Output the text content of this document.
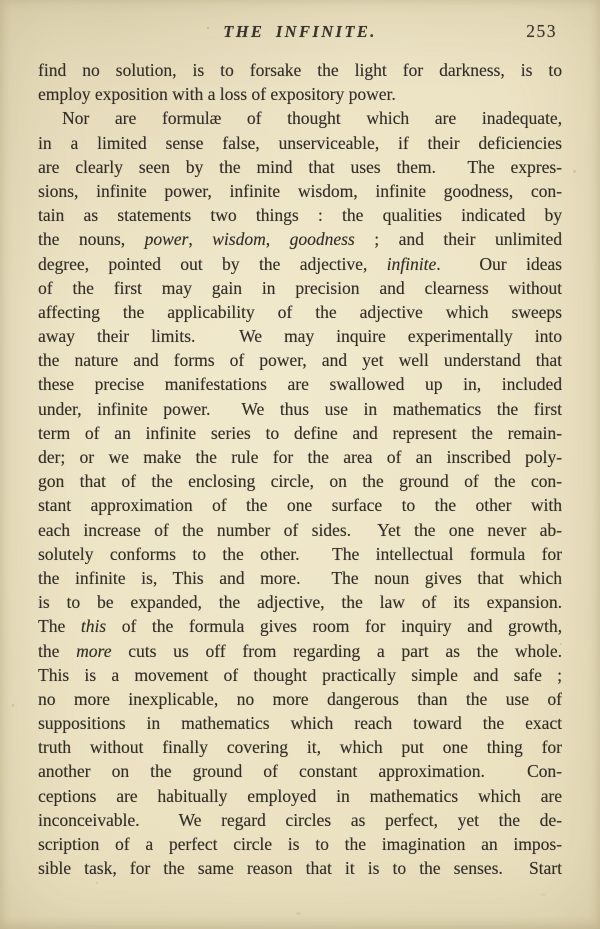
THE INFINITE.	253
find no solution, is to forsake the light for darkness, is to
employ exposition with a loss of expository power.
Nor are formulæ of thought which are inadequate,
in a limited sense false, unserviceable, if their deficiencies
are clearly seen by the mind that uses them.  The expres-
sions, infinite power, infinite wisdom, infinite goodness, con-
tain as statements two things : the qualities indicated by
the nouns, power, wisdom, goodness ; and their unlimited
degree, pointed out by the adjective, infinite.  Our ideas
of the first may gain in precision and clearness without
affecting the applicability of the adjective which sweeps
away their limits.  We may inquire experimentally into
the nature and forms of power, and yet well understand that
these precise manifestations are swallowed up in, included
under, infinite power.  We thus use in mathematics the first
term of an infinite series to define and represent the remain-
der; or we make the rule for the area of an inscribed poly-
gon that of the enclosing circle, on the ground of the con-
stant approximation of the one surface to the other with
each increase of the number of sides.  Yet the one never ab-
solutely conforms to the other.  The intellectual formula for
the infinite is, This and more.  The noun gives that which
is to be expanded, the adjective, the law of its expansion.
The this of the formula gives room for inquiry and growth,
the more cuts us off from regarding a part as the whole.
This is a movement of thought practically simple and safe ;
no more inexplicable, no more dangerous than the use of
suppositions in mathematics which reach toward the exact
truth without finally covering it, which put one thing for
another on the ground of constant approximation.  Con-
ceptions are habitually employed in mathematics which are
inconceivable.  We regard circles as perfect, yet the de-
scription of a perfect circle is to the imagination an impos-
sible task, for the same reason that it is to the senses.  Start
